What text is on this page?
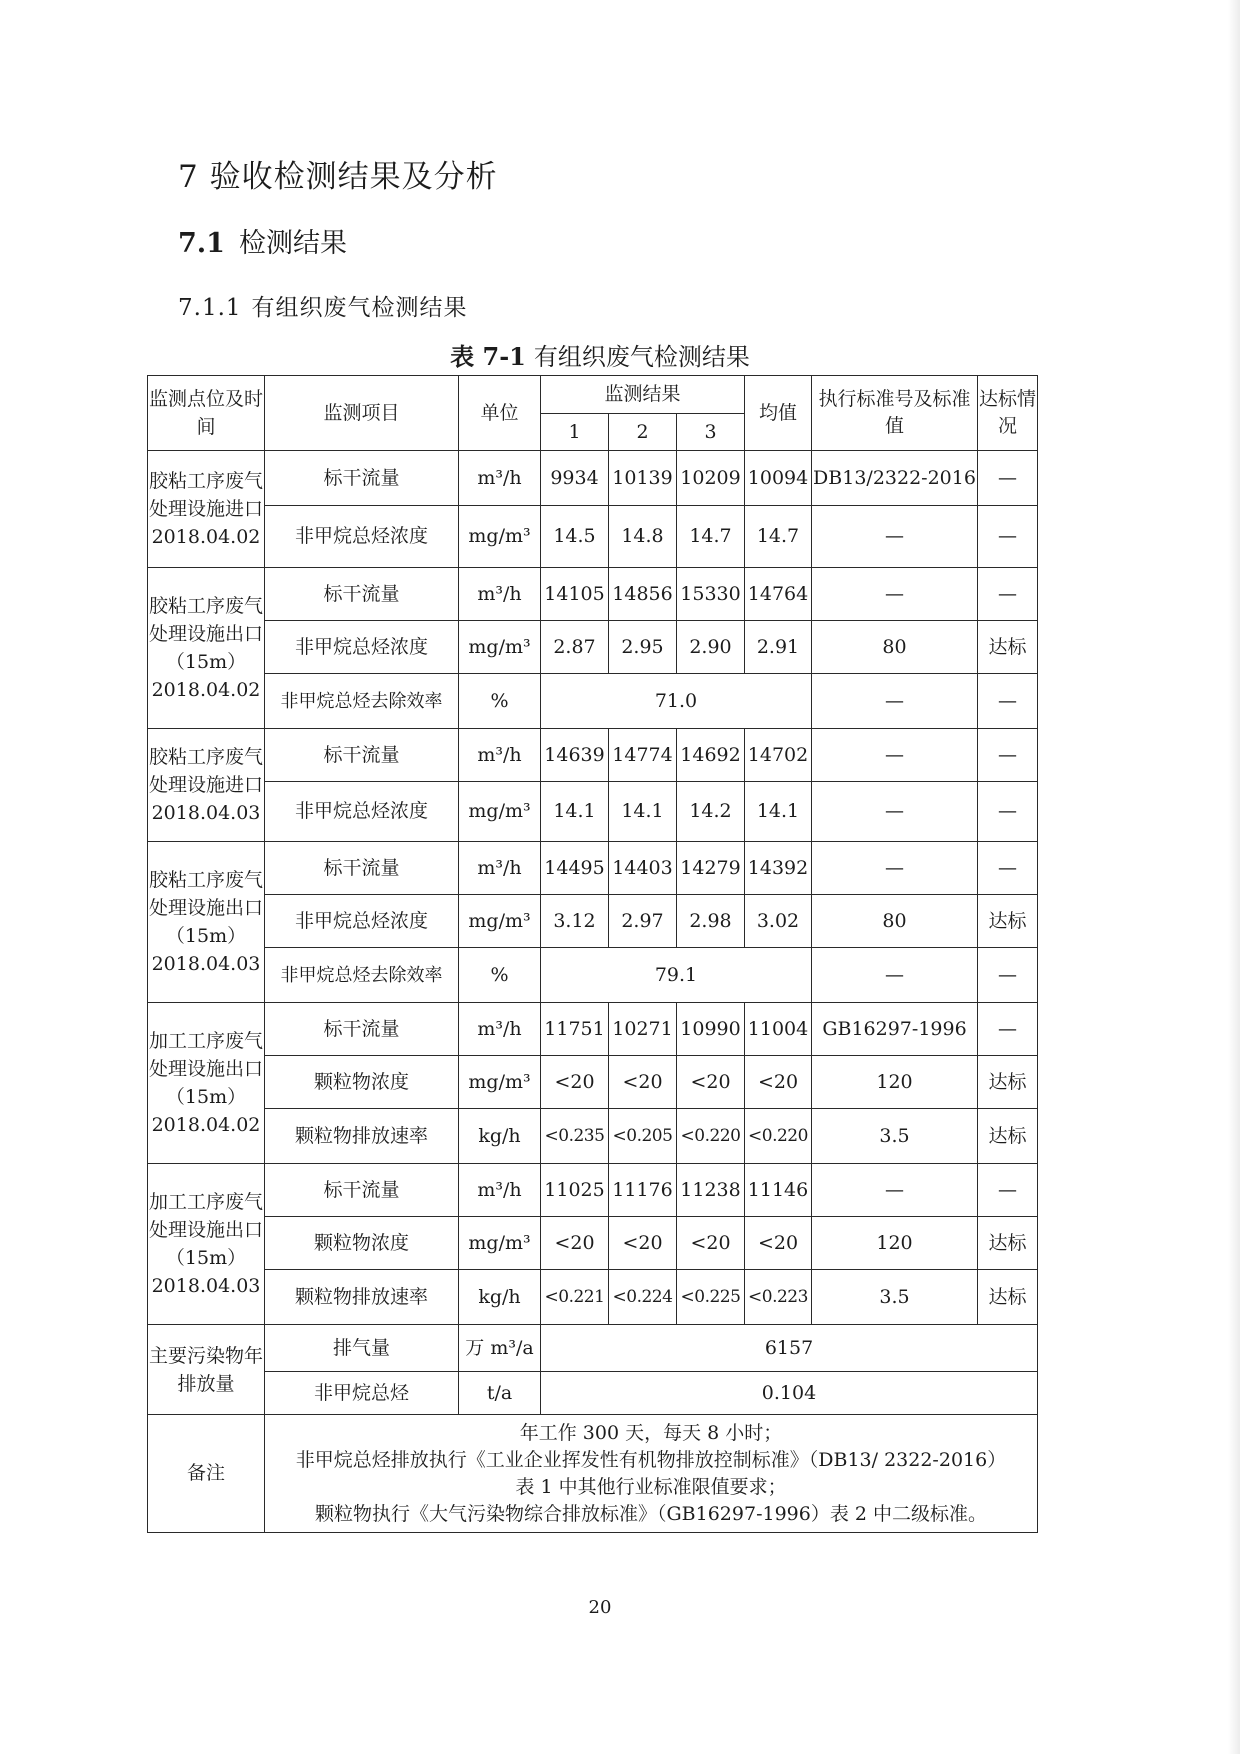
7 验收检测结果及分析
7.1 检测结果
7.1.1 有组织废气检测结果
表 7-1 有组织废气检测结果
监测点位及时间	监测项目	单位	监测结果			均值	执行标准号及标准值	达标情况
			1	2	3			
胶粘工序废气处理设施进口2018.04.02	标干流量	m³/h	9934	10139	10209	10094	DB13/2322-2016	—
	非甲烷总烃浓度	mg/m³	14.5	14.8	14.7	14.7	—	—
胶粘工序废气处理设施出口（15m）2018.04.02	标干流量	m³/h	14105	14856	15330	14764	—	—
	非甲烷总烃浓度	mg/m³	2.87	2.95	2.90	2.91	80	达标
	非甲烷总烃去除效率	%	71.0				—	—
胶粘工序废气处理设施进口2018.04.03	标干流量	m³/h	14639	14774	14692	14702	—	—
	非甲烷总烃浓度	mg/m³	14.1	14.1	14.2	14.1	—	—
胶粘工序废气处理设施出口（15m）2018.04.03	标干流量	m³/h	14495	14403	14279	14392	—	—
	非甲烷总烃浓度	mg/m³	3.12	2.97	2.98	3.02	80	达标
	非甲烷总烃去除效率	%	79.1				—	—
加工工序废气处理设施出口（15m）2018.04.02	标干流量	m³/h	11751	10271	10990	11004	GB16297-1996	—
	颗粒物浓度	mg/m³	<20	<20	<20	<20	120	达标
	颗粒物排放速率	kg/h	<0.235	<0.205	<0.220	<0.220	3.5	达标
加工工序废气处理设施出口（15m）2018.04.03	标干流量	m³/h	11025	11176	11238	11146	—	—
	颗粒物浓度	mg/m³	<20	<20	<20	<20	120	达标
	颗粒物排放速率	kg/h	<0.221	<0.224	<0.225	<0.223	3.5	达标
主要污染物年排放量	排气量	万 m³/a	6157					
	非甲烷总烃	t/a	0.104					
备注	年工作 300 天，每天 8 小时；
非甲烷总烃排放执行《工业企业挥发性有机物排放控制标准》（DB13/ 2322-2016）
表 1 中其他行业标准限值要求；
颗粒物执行《大气污染物综合排放标准》（GB16297-1996）表 2 中二级标准。							
20
